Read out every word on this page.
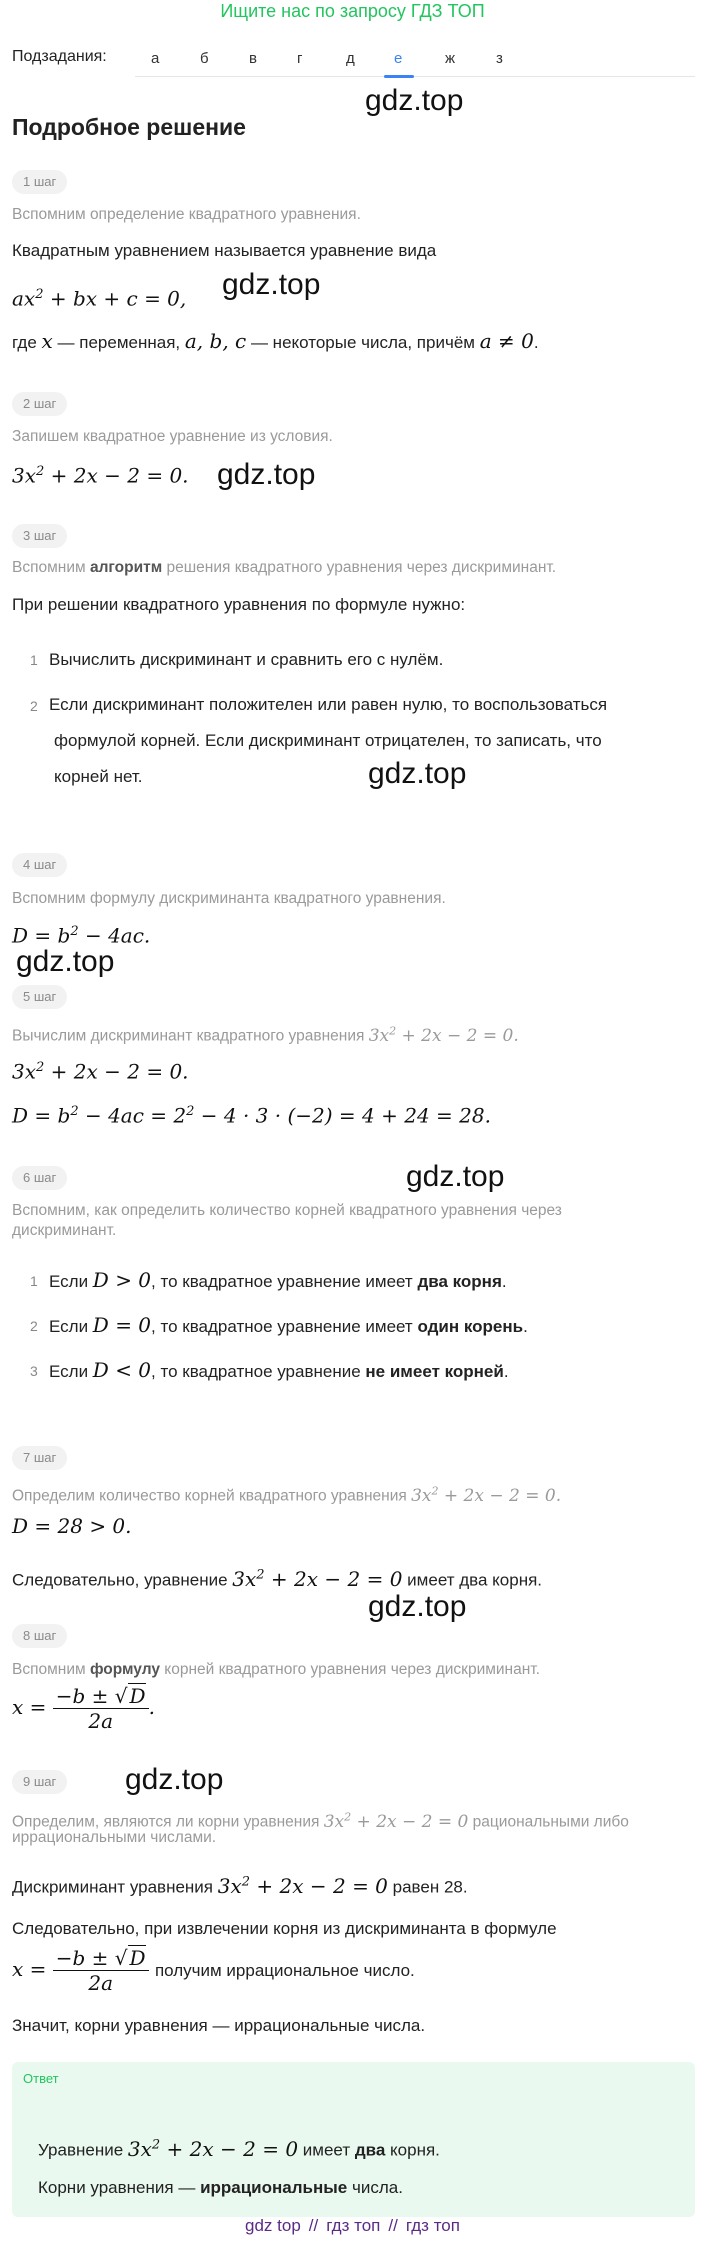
Ищите нас по запросу ГДЗ ТОП
Подзадания:	а	б	в	г	д	е	ж	з
gdz.top
gdz.top
gdz.top
gdz.top
gdz.top
gdz.top
gdz.top
gdz.top
Подробное решение
1 шаг
Вспомним определение квадратного уравнения.
Квадратным уравнением называется уравнение вида
$ax^2$ + bx + c = 0,
где x — переменная, a, b, c — некоторые числа, причём a ≠ 0.
2 шаг
Запишем квадратное уравнение из условия.
$3x^2 + 2x - 2 = 0$.
3 шаг
Вспомним алгоритм решения квадратного уравнения через дискриминант.
При решении квадратного уравнения по формуле нужно:
1 Вычислить дискриминант и сравнить его с нулём.
2 Если дискриминант положителен или равен нулю, то воспользоваться
формулой корней. Если дискриминант отрицателен, то записать, что
корней нет.
4 шаг
Вспомним формулу дискриминанта квадратного уравнения.
$D = b^2 - 4ac$.
5 шаг
Вычислим дискриминант квадратного уравнения $3x^2 + 2x - 2 = 0$.
$3x^2 + 2x - 2 = 0$.
$D = b^2 - 4ac = 2^2 - 4 \cdot 3 \cdot (-2) = 4 + 24 = 28$.
6 шаг
Вспомним, как определить количество корней квадратного уравнения через
дискриминант.
1 Если D > 0, то квадратное уравнение имеет два корня.
2 Если D = 0, то квадратное уравнение имеет один корень.
3 Если D < 0, то квадратное уравнение не имеет корней.
7 шаг
Определим количество корней квадратного уравнения $3x^2 + 2x - 2 = 0$.
D = 28 > 0.
Следовательно, уравнение $3x^2 + 2x - 2 = 0$ имеет два корня.
8 шаг
Вспомним формулу корней квадратного уравнения через дискриминант.
$x = \frac{-b \pm √ D}{2a}$ .
9 шаг
Определим, являются ли корни уравнения $3x^2 + 2x - 2 = 0$ рациональными либо
иррациональными числами.
Дискриминант уравнения $3x^2 + 2x - 2 = 0$ равен 28.
Следовательно, при извлечении корня из дискриминанта в формуле
$x = \frac{-b \pm √ D}{2a}$ получим иррациональное число.
Значит, корни уравнения — иррациональные числа.
Ответ
Уравнение $3x^2 + 2x - 2 = 0$ имеет два корня.
Корни уравнения — иррациональные числа.
gdz top // гдз топ // гдз топ
